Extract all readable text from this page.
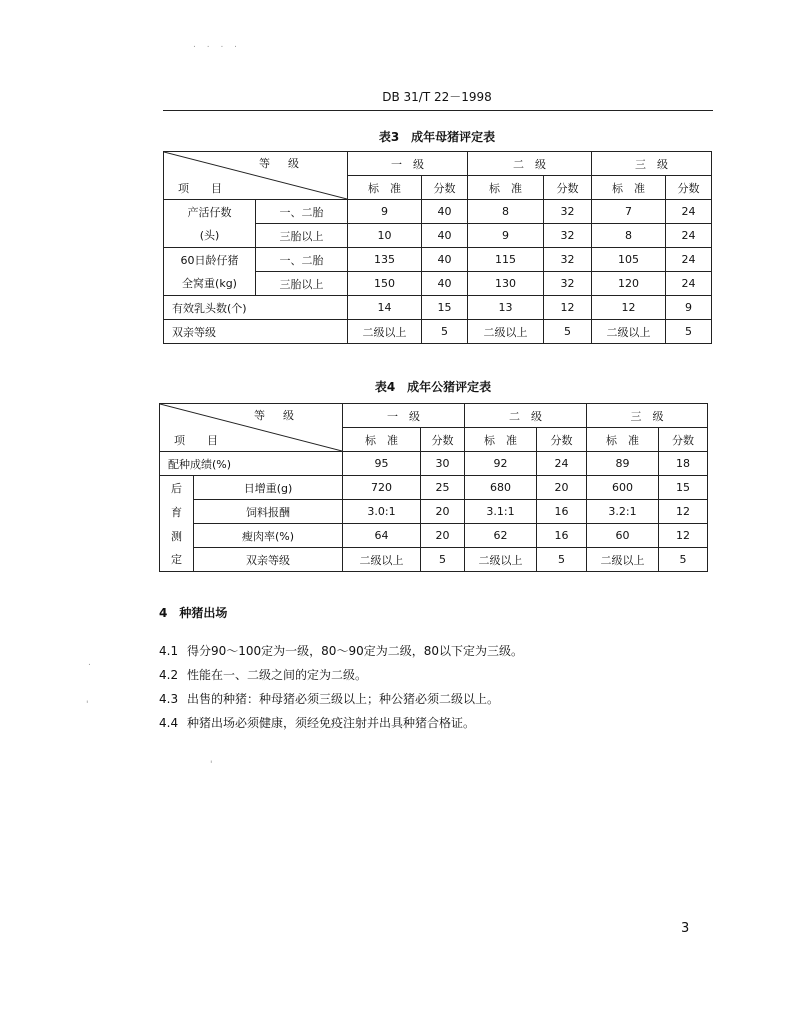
. . . .
DB 31/T 22－1998
表3　成年母猪评定表
等级
项目		一　级		二　级		三　级	
		标　准	分数	标　准	分数	标　准	分数
产活仔数	一、二胎	9	40	8	32	7	24
(头)	三胎以上	10	40	9	32	8	24
60日龄仔猪	一、二胎	135	40	115	32	105	24
全窝重(kg)	三胎以上	150	40	130	32	120	24
有效乳头数(个)		14	15	13	12	12	9
双亲等级		二级以上	5	二级以上	5	二级以上	5
表4　成年公猪评定表
等级
项目		一　级		二　级		三　级	
		标　准	分数	标　准	分数	标　准	分数
配种成绩(%)		95	30	92	24	89	18
后	日增重(g)	720	25	680	20	600	15
育	饲料报酬	3.0:1	20	3.1:1	16	3.2:1	12
测	瘦肉率(%)	64	20	62	16	60	12
定	双亲等级	二级以上	5	二级以上	5	二级以上	5
4　种猪出场
4.1 得分90～100定为一级，80～90定为二级，80以下定为三级。
4.2 性能在一、二级之间的定为二级。
4.3 出售的种猪：种母猪必须三级以上；种公猪必须二级以上。
4.4 种猪出场必须健康，须经免疫注射并出具种猪合格证。
.
'
'
3
